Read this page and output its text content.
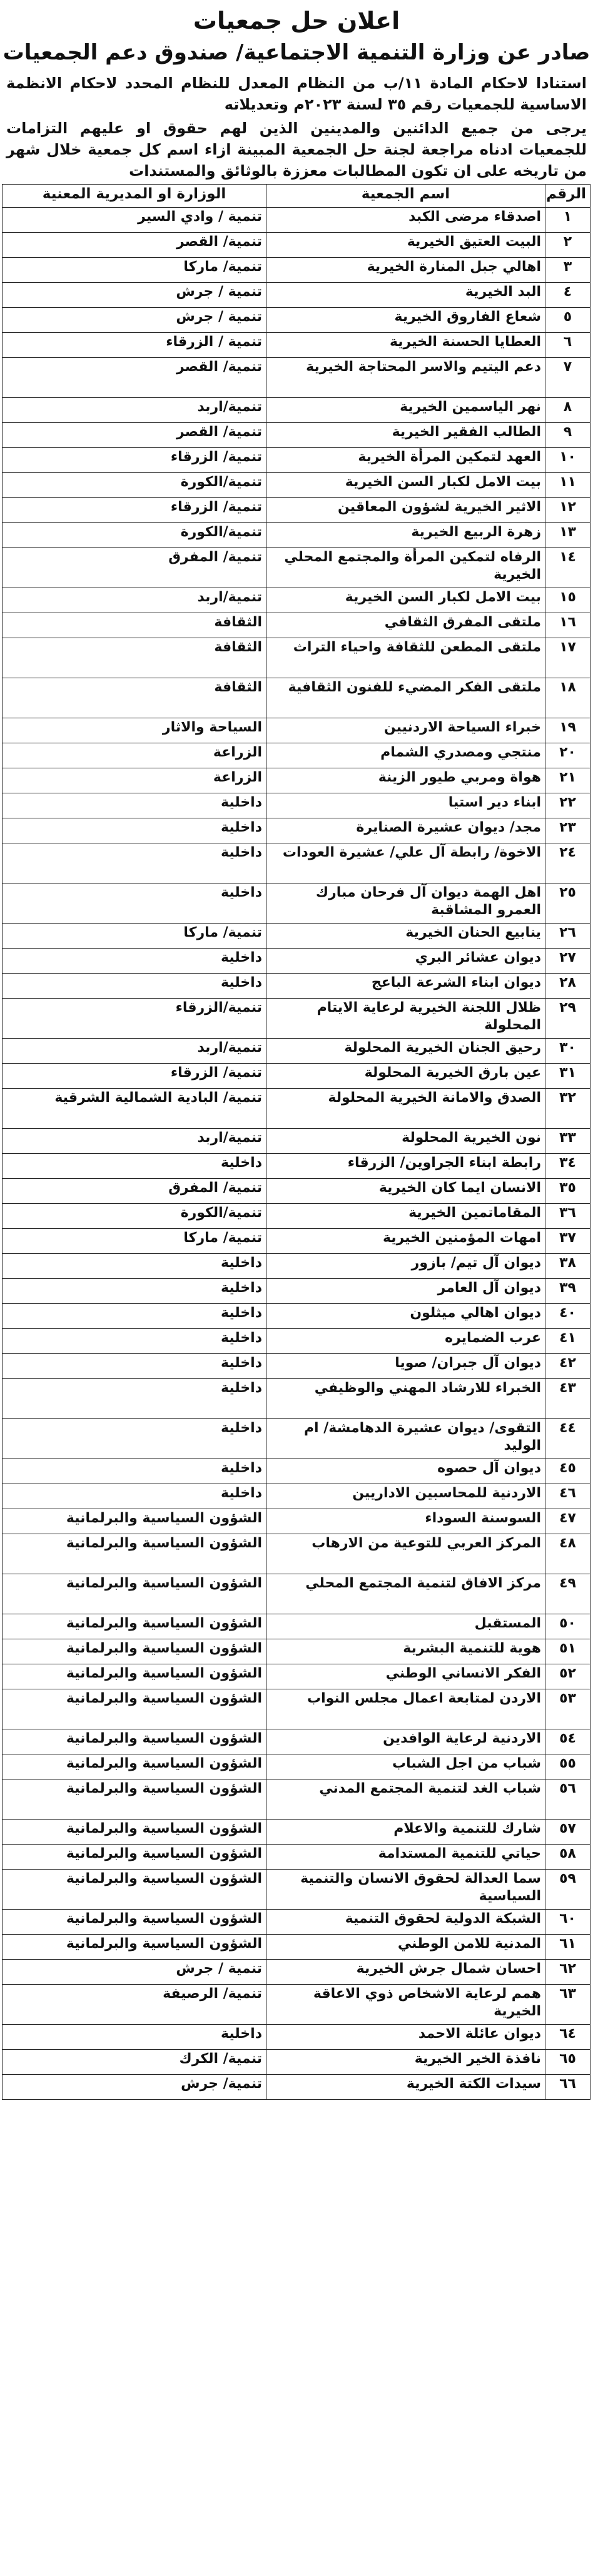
اعلان حل جمعيات
صادر عن وزارة التنمية الاجتماعية/ صندوق دعم الجمعيات

استنادا لاحكام المادة ١١/ب من النظام المعدل للنظام المحدد لاحكام الانظمة الاساسية للجمعيات رقم ٣٥ لسنة ٢٠٢٣م وتعديلاته

يرجى من جميع الدائنين والمدينين الذين لهم حقوق او عليهم التزامات للجمعيات ادناه مراجعة لجنة حل الجمعية المبينة ازاء اسم كل جمعية خلال شهر من تاريخه على ان تكون المطالبات معززة بالوثائق والمستندات

الرقم	اسم الجمعية	الوزارة او المديرية المعنية
١	اصدقاء مرضى الكبد	تنمية / وادي السير
٢	البيت العتيق الخيرية	تنمية/ القصر
٣	اهالي جبل المنارة الخيرية	تنمية/ ماركا
٤	البد الخيرية	تنمية / جرش
٥	شعاع الفاروق الخيرية	تنمية / جرش
٦	العطايا الحسنة الخيرية	تنمية / الزرقاء
٧	دعم اليتيم والاسر المحتاجة الخيرية	تنمية/ القصر
٨	نهر الياسمين الخيرية	تنمية/اربد
٩	الطالب الفقير الخيرية	تنمية/ القصر
١٠	العهد لتمكين المرأة الخيرية	تنمية/ الزرقاء
١١	بيت الامل لكبار السن الخيرية	تنمية/الكورة
١٢	الاثير الخيرية لشؤون المعاقين	تنمية/ الزرقاء
١٣	زهرة الربيع الخيرية	تنمية/الكورة
١٤	الرفاه لتمكين المرأة والمجتمع المحلي الخيرية	تنمية/ المفرق
١٥	بيت الامل لكبار السن الخيرية	تنمية/اربد
١٦	ملتقى المفرق الثقافي	الثقافة
١٧	ملتقى المطعن للثقافة واحياء التراث	الثقافة
١٨	ملتقى الفكر المضيء للفنون الثقافية	الثقافة
١٩	خبراء السياحة الاردنيين	السياحة والاثار
٢٠	منتجي ومصدري الشمام	الزراعة
٢١	هواة ومربي طيور الزينة	الزراعة
٢٢	ابناء دير استيا	داخلية
٢٣	مجد/ ديوان عشيرة الصنايرة	داخلية
٢٤	الاخوة/ رابطة آل علي/ عشيرة العودات	داخلية
٢٥	اهل الهمة ديوان آل فرحان مبارك العمرو المشاقبة	داخلية
٢٦	ينابيع الحنان الخيرية	تنمية/ ماركا
٢٧	ديوان عشائر البري	داخلية
٢٨	ديوان ابناء الشرعة الباعج	داخلية
٢٩	ظلال اللجنة الخيرية لرعاية الايتام المحلولة	تنمية/الزرقاء
٣٠	رحيق الجنان الخيرية المحلولة	تنمية/اربد
٣١	عين بارق الخيرية المحلولة	تنمية/ الزرقاء
٣٢	الصدق والامانة الخيرية المحلولة	تنمية/ البادية الشمالية الشرقية
٣٣	نون الخيرية المحلولة	تنمية/اربد
٣٤	رابطة ابناء الجراوين/ الزرقاء	داخلية
٣٥	الانسان ايما كان الخيرية	تنمية/ المفرق
٣٦	المقاماتمين الخيرية	تنمية/الكورة
٣٧	امهات المؤمنين الخيرية	تنمية/ ماركا
٣٨	ديوان آل تيم/ بازور	داخلية
٣٩	ديوان آل العامر	داخلية
٤٠	ديوان اهالي ميثلون	داخلية
٤١	عرب الضمايره	داخلية
٤٢	ديوان آل جبران/ صويا	داخلية
٤٣	الخبراء للارشاد المهني والوظيفي	داخلية
٤٤	التقوى/ ديوان عشيرة الدهامشة/ ام الوليد	داخلية
٤٥	ديوان آل حصوه	داخلية
٤٦	الاردنية للمحاسبين الاداريين	داخلية
٤٧	السوسنة السوداء	الشؤون السياسية والبرلمانية
٤٨	المركز العربي للتوعية من الارهاب	الشؤون السياسية والبرلمانية
٤٩	مركز الافاق لتنمية المجتمع المحلي	الشؤون السياسية والبرلمانية
٥٠	المستقبل	الشؤون السياسية والبرلمانية
٥١	هوية للتنمية البشرية	الشؤون السياسية والبرلمانية
٥٢	الفكر الانساني الوطني	الشؤون السياسية والبرلمانية
٥٣	الاردن لمتابعة اعمال مجلس النواب	الشؤون السياسية والبرلمانية
٥٤	الاردنية لرعاية الوافدين	الشؤون السياسية والبرلمانية
٥٥	شباب من اجل الشباب	الشؤون السياسية والبرلمانية
٥٦	شباب الغد لتنمية المجتمع المدني	الشؤون السياسية والبرلمانية
٥٧	شارك للتنمية والاعلام	الشؤون السياسية والبرلمانية
٥٨	حياتي للتنمية المستدامة	الشؤون السياسية والبرلمانية
٥٩	سما العدالة لحقوق الانسان والتنمية السياسية	الشؤون السياسية والبرلمانية
٦٠	الشبكة الدولية لحقوق التنمية	الشؤون السياسية والبرلمانية
٦١	المدنية للامن الوطني	الشؤون السياسية والبرلمانية
٦٢	احسان شمال جرش الخيرية	تنمية / جرش
٦٣	همم لرعاية الاشخاص ذوي الاعاقة الخيرية	تنمية/ الرصيفة
٦٤	ديوان عائلة الاحمد	داخلية
٦٥	نافذة الخير الخيرية	تنمية/ الكرك
٦٦	سيدات الكتة الخيرية	تنمية/ جرش
